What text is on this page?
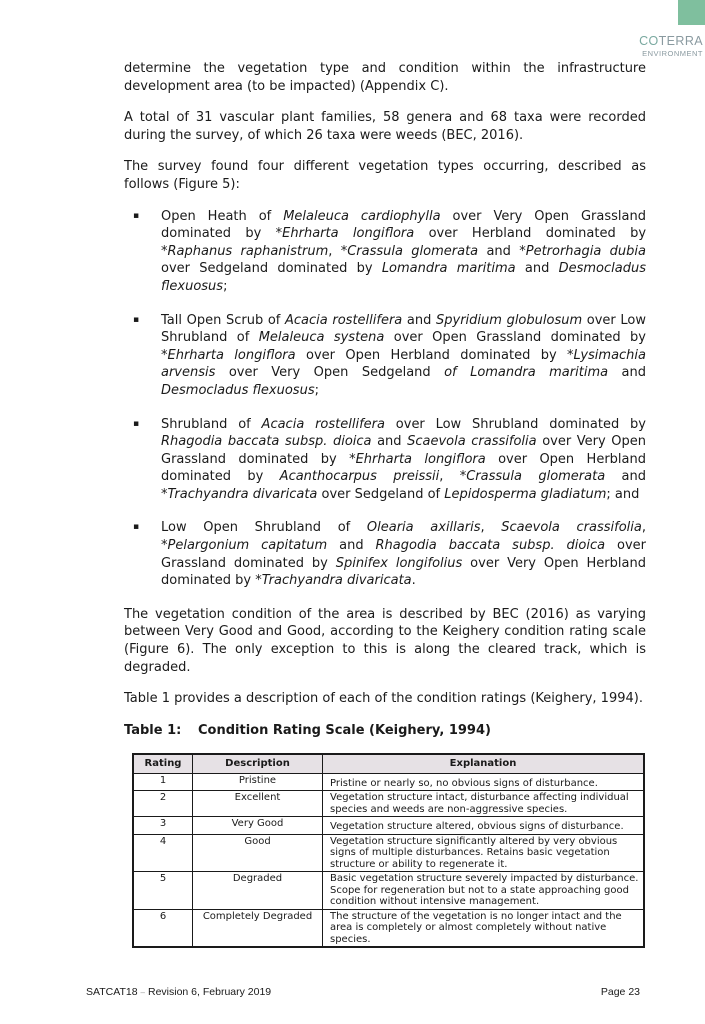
COTERRA
ENVIRONMENT

determine the vegetation type and condition within the infrastructure development area (to be impacted) (Appendix C).

A total of 31 vascular plant families, 58 genera and 68 taxa were recorded during the survey, of which 26 taxa were weeds (BEC, 2016).

The survey found four different vegetation types occurring, described as follows (Figure 5):

▪ Open Heath of Melaleuca cardiophylla over Very Open Grassland dominated by *Ehrharta longiflora over Herbland dominated by *Raphanus raphanistrum, *Crassula glomerata and *Petrorhagia dubia over Sedgeland dominated by Lomandra maritima and Desmocladus flexuosus;
▪ Tall Open Scrub of Acacia rostellifera and Spyridium globulosum over Low Shrubland of Melaleuca systena over Open Grassland dominated by *Ehrharta longiflora over Open Herbland dominated by *Lysimachia arvensis over Very Open Sedgeland of Lomandra maritima and Desmocladus flexuosus;
▪ Shrubland of Acacia rostellifera over Low Shrubland dominated by Rhagodia baccata subsp. dioica and Scaevola crassifolia over Very Open Grassland dominated by *Ehrharta longiflora over Open Herbland dominated by Acanthocarpus preissii, *Crassula glomerata and *Trachyandra divaricata over Sedgeland of Lepidosperma gladiatum; and
▪ Low Open Shrubland of Olearia axillaris, Scaevola crassifolia, *Pelargonium capitatum and Rhagodia baccata subsp. dioica over Grassland dominated by Spinifex longifolius over Very Open Herbland dominated by *Trachyandra divaricata.

The vegetation condition of the area is described by BEC (2016) as varying between Very Good and Good, according to the Keighery condition rating scale (Figure 6). The only exception to this is along the cleared track, which is degraded.

Table 1 provides a description of each of the condition ratings (Keighery, 1994).

Table 1: Condition Rating Scale (Keighery, 1994)
Rating	Description	Explanation
1	Pristine	Pristine or nearly so, no obvious signs of disturbance.
2	Excellent	Vegetation structure intact, disturbance affecting individual species and weeds are non-aggressive species.
3	Very Good	Vegetation structure altered, obvious signs of disturbance.
4	Good	Vegetation structure significantly altered by very obvious signs of multiple disturbances. Retains basic vegetation structure or ability to regenerate it.
5	Degraded	Basic vegetation structure severely impacted by disturbance. Scope for regeneration but not to a state approaching good condition without intensive management.
6	Completely Degraded	The structure of the vegetation is no longer intact and the area is completely or almost completely without native species.
SATCAT18 – Revision 6, February 2019	Page 23
